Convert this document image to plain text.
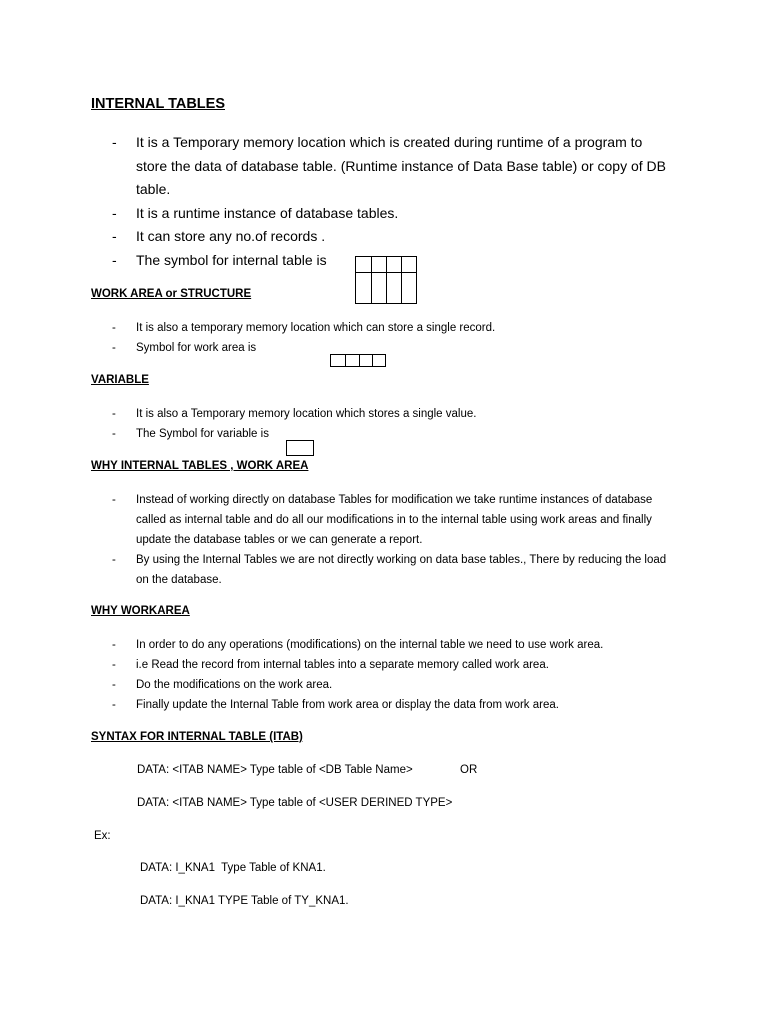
INTERNAL TABLES
- It is a Temporary memory location which is created during runtime of a program to store the data of database table. (Runtime instance of Data Base table) or copy of DB table.
- It is a runtime instance of database tables.
- It can store any no.of records .
- The symbol for internal table is
WORK AREA or STRUCTURE
- It is also a temporary memory location which can store a single record.
- Symbol for work area is
VARIABLE
- It is also a Temporary memory location which stores a single value.
- The Symbol for variable is
WHY INTERNAL TABLES , WORK AREA
- Instead of working directly on database Tables for modification we take runtime instances of database called as internal table and do all our modifications in to the internal table using work areas and finally update the database tables or we can generate a report.
- By using the Internal Tables we are not directly working on data base tables., There by reducing the load on the database.
WHY WORKAREA
- In order to do any operations (modifications) on the internal table we need to use work area.
- i.e Read the record from internal tables into a separate memory called work area.
- Do the modifications on the work area.
- Finally update the Internal Table from work area or display the data from work area.
SYNTAX FOR INTERNAL TABLE (ITAB)
DATA: <ITAB NAME> Type table of <DB Table Name>	OR
DATA: <ITAB NAME> Type table of <USER DERINED TYPE>
Ex:
DATA: I_KNA1  Type Table of KNA1.
DATA: I_KNA1 TYPE Table of TY_KNA1.
